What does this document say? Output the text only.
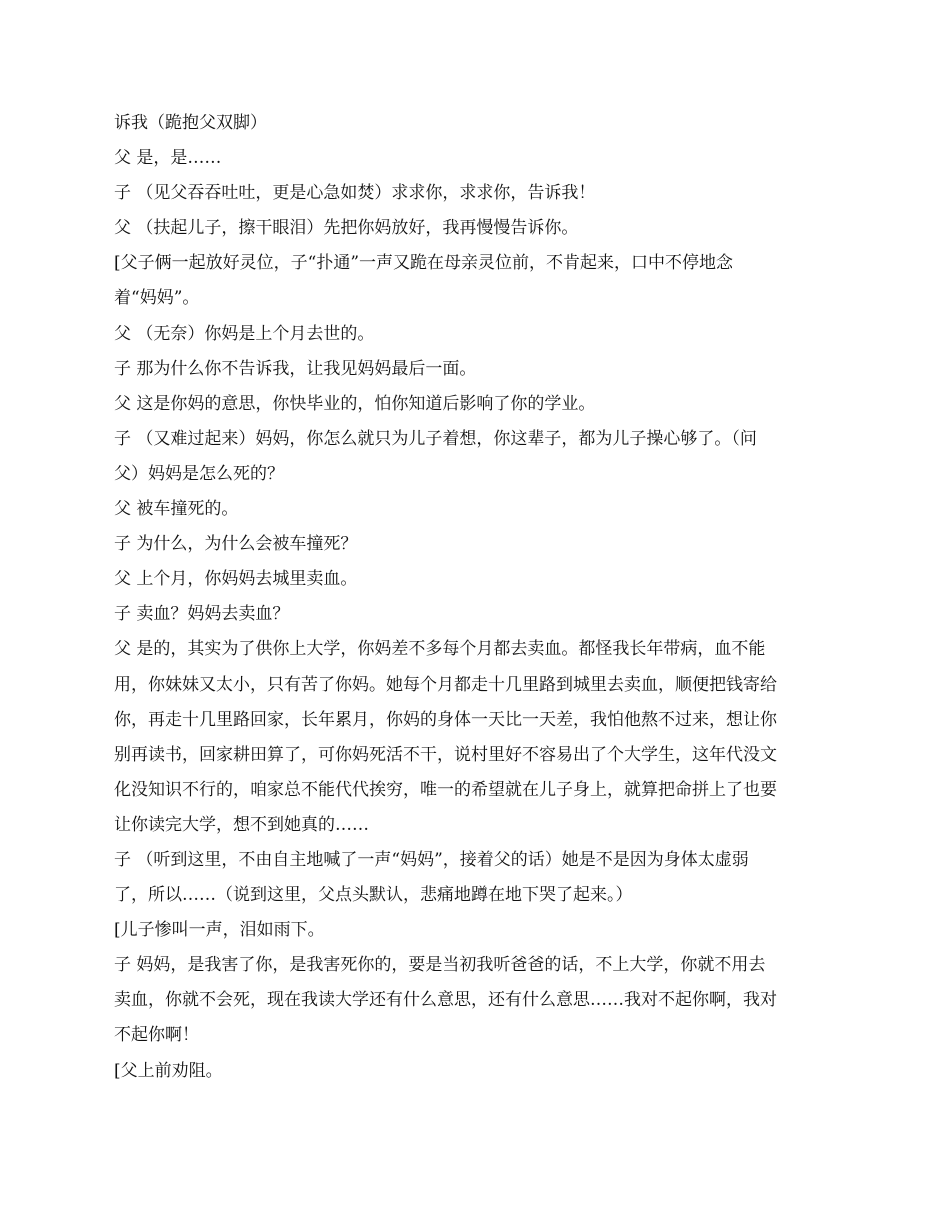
诉我（跪抱父双脚）
父 是，是……
子 （见父吞吞吐吐，更是心急如焚）求求你，求求你，告诉我！
父 （扶起儿子，擦干眼泪）先把你妈放好，我再慢慢告诉你。
[父子俩一起放好灵位，子“扑通”一声又跪在母亲灵位前，不肯起来，口中不停地念
着“妈妈”。
父 （无奈）你妈是上个月去世的。
子 那为什么你不告诉我，让我见妈妈最后一面。
父 这是你妈的意思，你快毕业的，怕你知道后影响了你的学业。
子 （又难过起来）妈妈，你怎么就只为儿子着想，你这辈子，都为儿子操心够了。（问
父）妈妈是怎么死的？
父 被车撞死的。
子 为什么，为什么会被车撞死？
父 上个月，你妈妈去城里卖血。
子 卖血？妈妈去卖血？
父 是的，其实为了供你上大学，你妈差不多每个月都去卖血。都怪我长年带病，血不能
用，你妹妹又太小，只有苦了你妈。她每个月都走十几里路到城里去卖血，顺便把钱寄给
你，再走十几里路回家，长年累月，你妈的身体一天比一天差，我怕他熬不过来，想让你
别再读书，回家耕田算了，可你妈死活不干，说村里好不容易出了个大学生，这年代没文
化没知识不行的，咱家总不能代代挨穷，唯一的希望就在儿子身上，就算把命拼上了也要
让你读完大学，想不到她真的……
子 （听到这里，不由自主地喊了一声“妈妈”，接着父的话）她是不是因为身体太虚弱
了，所以……（说到这里，父点头默认，悲痛地蹲在地下哭了起来。）
[儿子惨叫一声，泪如雨下。
子 妈妈，是我害了你，是我害死你的，要是当初我听爸爸的话，不上大学，你就不用去
卖血，你就不会死，现在我读大学还有什么意思，还有什么意思……我对不起你啊，我对
不起你啊！
[父上前劝阻。
